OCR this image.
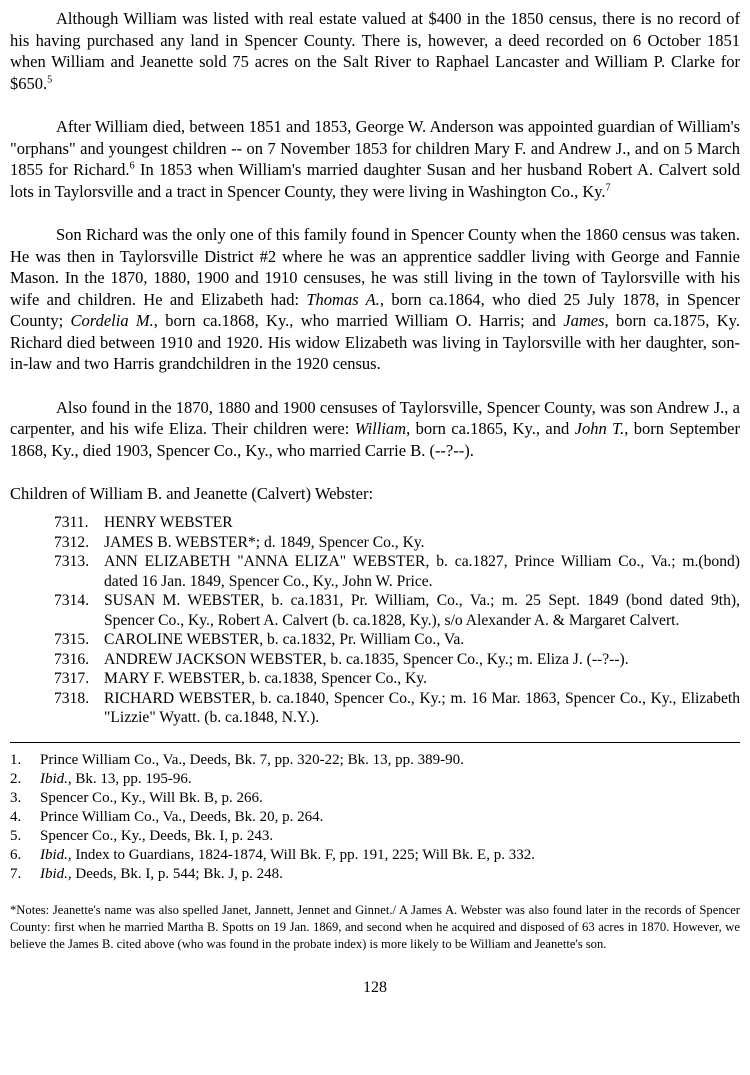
Although William was listed with real estate valued at $400 in the 1850 census, there is no record of his having purchased any land in Spencer County. There is, however, a deed recorded on 6 October 1851 when William and Jeanette sold 75 acres on the Salt River to Raphael Lancaster and William P. Clarke for $650.$^5$

After William died, between 1851 and 1853, George W. Anderson was appointed guardian of William's "orphans" and youngest children -- on 7 November 1853 for children Mary F. and Andrew J., and on 5 March 1855 for Richard.$^6$ In 1853 when William's married daughter Susan and her husband Robert A. Calvert sold lots in Taylorsville and a tract in Spencer County, they were living in Washington Co., Ky.$^7$

Son Richard was the only one of this family found in Spencer County when the 1860 census was taken. He was then in Taylorsville District #2 where he was an apprentice saddler living with George and Fannie Mason. In the 1870, 1880, 1900 and 1910 censuses, he was still living in the town of Taylorsville with his wife and children. He and Elizabeth had: Thomas A., born ca.1864, who died 25 July 1878, in Spencer County; Cordelia M., born ca.1868, Ky., who married William O. Harris; and James, born ca.1875, Ky. Richard died between 1910 and 1920. His widow Elizabeth was living in Taylorsville with her daughter, son-in-law and two Harris grandchildren in the 1920 census.

Also found in the 1870, 1880 and 1900 censuses of Taylorsville, Spencer County, was son Andrew J., a carpenter, and his wife Eliza. Their children were: William, born ca.1865, Ky., and John T., born September 1868, Ky., died 1903, Spencer Co., Ky., who married Carrie B. (--?--).

Children of William B. and Jeanette (Calvert) Webster:

7311. HENRY WEBSTER
7312. JAMES B. WEBSTER*; d. 1849, Spencer Co., Ky.
7313. ANN ELIZABETH "ANNA ELIZA" WEBSTER, b. ca.1827, Prince William Co., Va.; m.(bond) dated 16 Jan. 1849, Spencer Co., Ky., John W. Price.
7314. SUSAN M. WEBSTER, b. ca.1831, Pr. William, Co., Va.; m. 25 Sept. 1849 (bond dated 9th), Spencer Co., Ky., Robert A. Calvert (b. ca.1828, Ky.), s/o Alexander A. & Margaret Calvert.
7315. CAROLINE WEBSTER, b. ca.1832, Pr. William Co., Va.
7316. ANDREW JACKSON WEBSTER, b. ca.1835, Spencer Co., Ky.; m. Eliza J. (--?--).
7317. MARY F. WEBSTER, b. ca.1838, Spencer Co., Ky.
7318. RICHARD WEBSTER, b. ca.1840, Spencer Co., Ky.; m. 16 Mar. 1863, Spencer Co., Ky., Elizabeth "Lizzie" Wyatt. (b. ca.1848, N.Y.).
1.	Prince William Co., Va., Deeds, Bk. 7, pp. 320-22; Bk. 13, pp. 389-90.
2.	Ibid., Bk. 13, pp. 195-96.
3.	Spencer Co., Ky., Will Bk. B, p. 266.
4.	Prince William Co., Va., Deeds, Bk. 20, p. 264.
5.	Spencer Co., Ky., Deeds, Bk. I, p. 243.
6.	Ibid., Index to Guardians, 1824-1874, Will Bk. F, pp. 191, 225; Will Bk. E, p. 332.
7.	Ibid., Deeds, Bk. I, p. 544; Bk. J, p. 248.

*Notes: Jeanette's name was also spelled Janet, Jannett, Jennet and Ginnet./ A James A. Webster was also found later in the records of Spencer County: first when he married Martha B. Spotts on 19 Jan. 1869, and second when he acquired and disposed of 63 acres in 1870. However, we believe the James B. cited above (who was found in the probate index) is more likely to be William and Jeanette's son.

128
